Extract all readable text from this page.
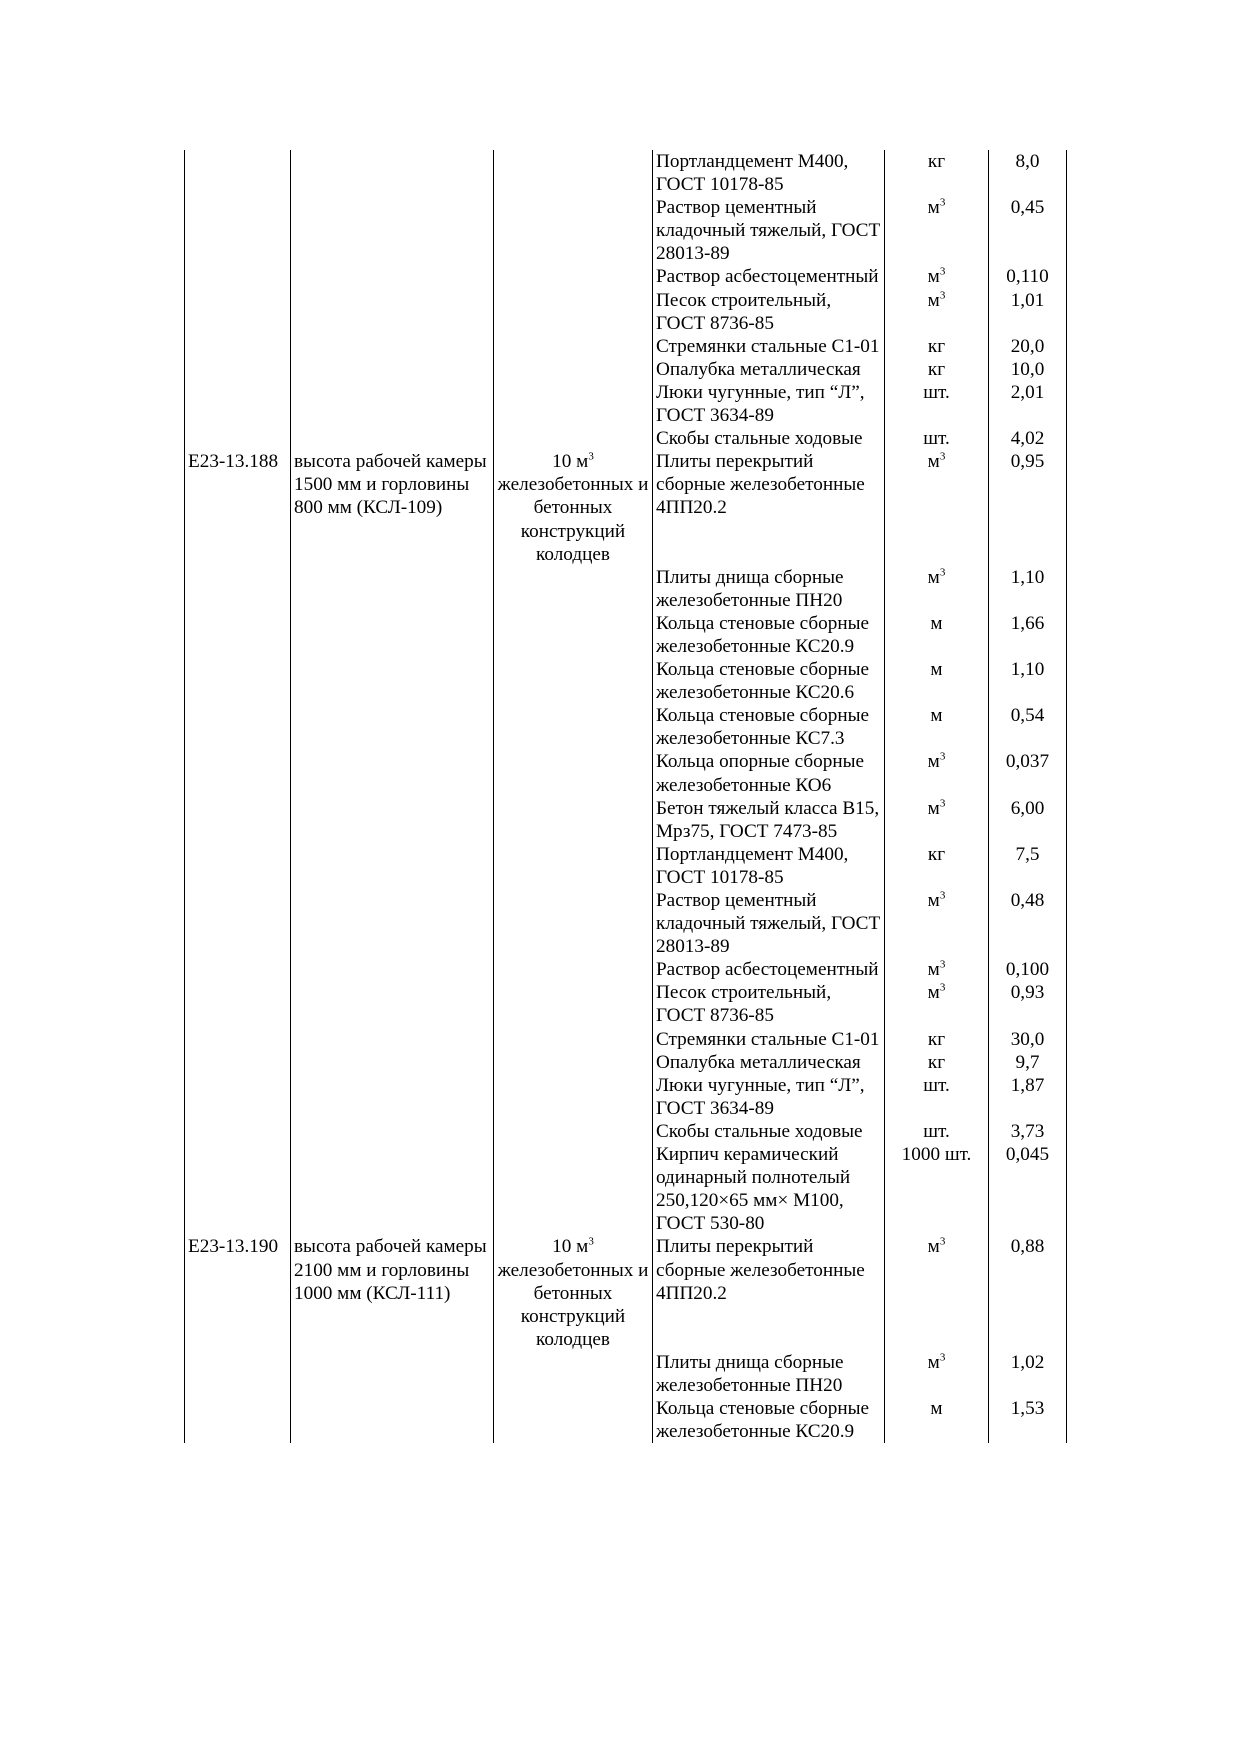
			Портландцемент М400, ГОСТ 10178-85	кг	8,0
			Раствор цементный кладочный тяжелый, ГОСТ 28013-89	$м^3$	0,45
			Раствор асбестоцементный	$м^3$	0,110
			Песок строительный, ГОСТ 8736-85	$м^3$	1,01
			Стремянки стальные С1-01	кг	20,0
			Опалубка металлическая	кг	10,0
			Люки чугунные, тип “Л”, ГОСТ 3634-89	шт.	2,01
			Скобы стальные ходовые	шт.	4,02
Е23-13.188	высота рабочей камеры 1500 мм и горловины 800 мм (КСЛ-109)	10 $м^3$ железобетонных и бетонных конструкций колодцев	Плиты перекрытий сборные железобетонные 4ПП20.2	$м^3$	0,95
			Плиты днища сборные железобетонные ПН20	$м^3$	1,10
			Кольца стеновые сборные железобетонные КС20.9	м	1,66
			Кольца стеновые сборные железобетонные КС20.6	м	1,10
			Кольца стеновые сборные железобетонные КС7.3	м	0,54
			Кольца опорные сборные железобетонные КО6	$м^3$	0,037
			Бетон тяжелый класса В15, Мрз75, ГОСТ 7473-85	$м^3$	6,00
			Портландцемент М400, ГОСТ 10178-85	кг	7,5
			Раствор цементный кладочный тяжелый, ГОСТ 28013-89	$м^3$	0,48
			Раствор асбестоцементный	$м^3$	0,100
			Песок строительный, ГОСТ 8736-85	$м^3$	0,93
			Стремянки стальные С1-01	кг	30,0
			Опалубка металлическая	кг	9,7
			Люки чугунные, тип “Л”, ГОСТ 3634-89	шт.	1,87
			Скобы стальные ходовые	шт.	3,73
			Кирпич керамический одинарный полнотелый 250,120×65 мм× М100, ГОСТ 530-80	1000 шт.	0,045
Е23-13.190	высота рабочей камеры 2100 мм и горловины 1000 мм (КСЛ-111)	10 $м^3$ железобетонных и бетонных конструкций колодцев	Плиты перекрытий сборные железобетонные 4ПП20.2	$м^3$	0,88
			Плиты днища сборные железобетонные ПН20	$м^3$	1,02
			Кольца стеновые сборные железобетонные КС20.9	м	1,53
